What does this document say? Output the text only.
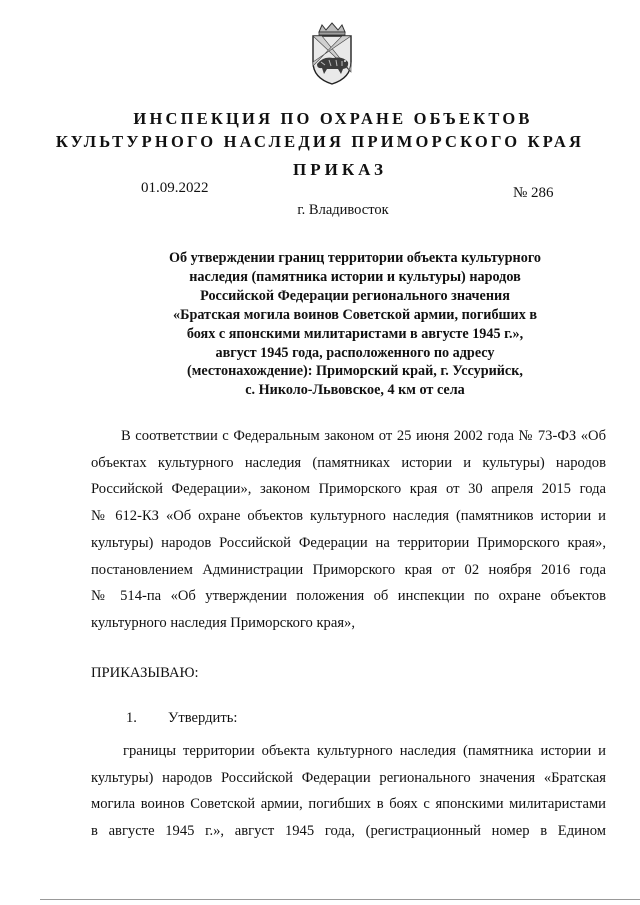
ИНСПЕКЦИЯ ПО ОХРАНЕ ОБЪЕКТОВ
КУЛЬТУРНОГО НАСЛЕДИЯ ПРИМОРСКОГО КРАЯ
ПРИКАЗ
01.09.2022	№ 286
г. Владивосток
Об утверждении границ территории объекта культурного
наследия (памятника истории и культуры) народов
Российской Федерации регионального значения
«Братская могила воинов Советской армии, погибших в
боях с японскими милитаристами в августе 1945 г.»,
август 1945 года, расположенного по адресу
(местонахождение): Приморский край, г. Уссурийск,
с. Николо-Львовское, 4 км от села
В соответствии с Федеральным законом от 25 июня 2002 года № 73-ФЗ «Об
объектах культурного наследия (памятниках истории и культуры) народов
Российской Федерации», законом Приморского края от 30 апреля 2015 года
№ 612-КЗ «Об охране объектов культурного наследия (памятников истории и
культуры) народов Российской Федерации на территории Приморского края»,
постановлением Администрации Приморского края от 02 ноября 2016 года
№ 514-па «Об утверждении положения об инспекции по охране объектов
культурного наследия Приморского края»,
ПРИКАЗЫВАЮ:
1. Утвердить:
границы территории объекта культурного наследия (памятника истории и
культуры) народов Российской Федерации регионального значения «Братская
могила воинов Советской армии, погибших в боях с японскими милитаристами
в августе 1945 г.», август 1945 года, (регистрационный номер в Едином
